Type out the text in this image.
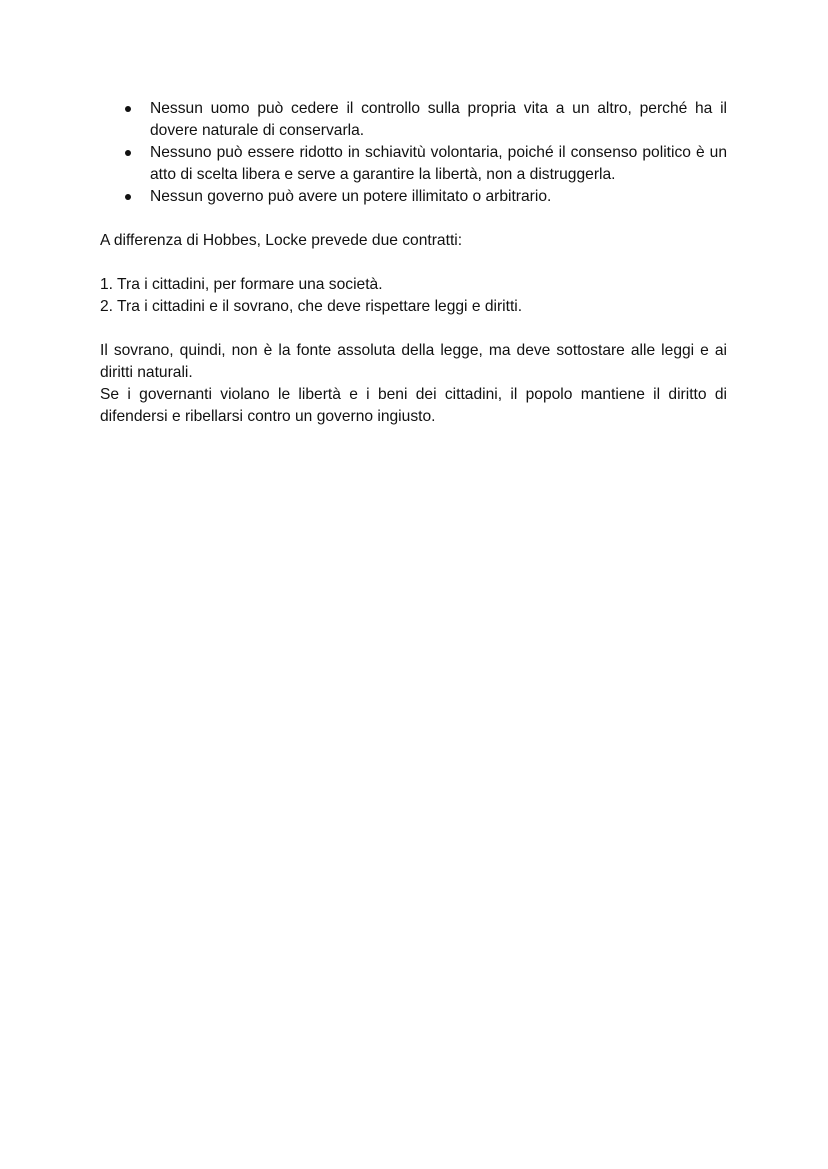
Nessun uomo può cedere il controllo sulla propria vita a un altro, perché ha il dovere naturale di conservarla.
Nessuno può essere ridotto in schiavitù volontaria, poiché il consenso politico è un atto di scelta libera e serve a garantire la libertà, non a distruggerla.
Nessun governo può avere un potere illimitato o arbitrario.

A differenza di Hobbes, Locke prevede due contratti:

1. Tra i cittadini, per formare una società.

2. Tra i cittadini e il sovrano, che deve rispettare leggi e diritti.

Il sovrano, quindi, non è la fonte assoluta della legge, ma deve sottostare alle leggi e ai diritti naturali.

Se i governanti violano le libertà e i beni dei cittadini, il popolo mantiene il diritto di difendersi e ribellarsi contro un governo ingiusto.
